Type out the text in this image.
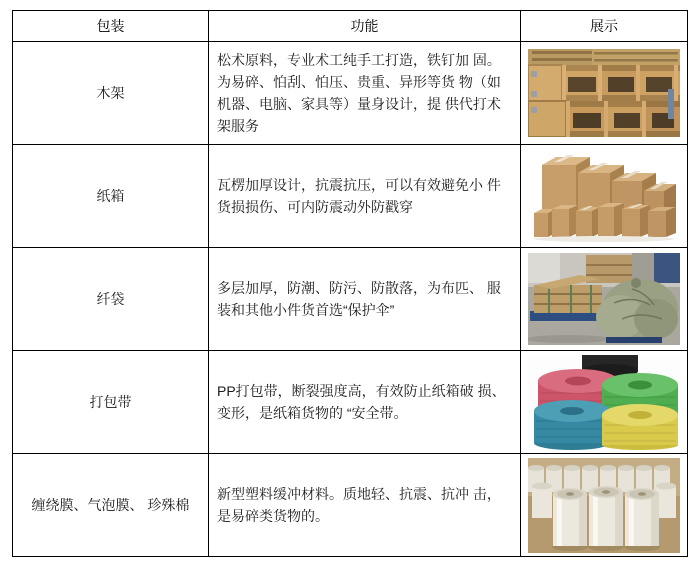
包装	功能	展示
木架	松术原料，专业术工纯手工打造，铁钉加 固。为易碎、怕刮、怕压、贵重、异形等货 物（如机器、电脑、家具等）量身设计，提 供代打术架服务	
纸箱	瓦楞加厚设计，抗震抗压，可以有效避免小 件货损损伤、可内防震动外防戳穿	
纤袋	多层加厚，防潮、防污、防散落，为布匹、 服装和其他小件货首选“保护伞”	
打包带	PP打包带，断裂强度高，有效防止纸箱破 损、变形，是纸箱货物的 “安全带。	
缠绕膜、气泡膜、 珍殊棉	新型塑料缓冲材料。质地轻、抗震、抗冲 击，是易碎类货物的。	
